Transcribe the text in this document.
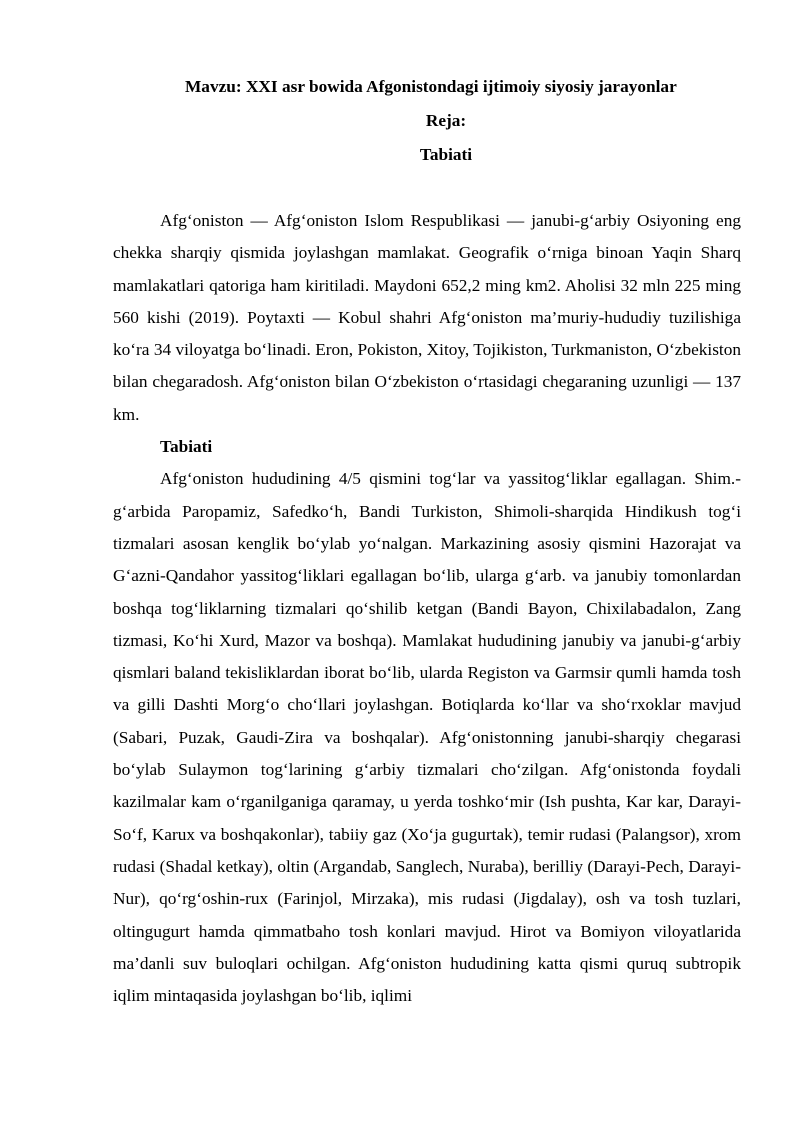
Mavzu: XXI asr bowida Afgonistondagi ijtimoiy siyosiy jarayonlar
Reja:
Tabiati

Afg‘oniston — Afg‘oniston Islom Respublikasi — janubi-g‘arbiy Osiyoning eng chekka sharqiy qismida joylashgan mamlakat. Geografik o‘rniga binoan Yaqin Sharq mamlakatlari qatoriga ham kiritiladi. Maydoni 652,2 ming km2. Aholisi 32 mln 225 ming 560 kishi (2019). Poytaxti — Kobul shahri Afg‘oniston ma’muriy-hududiy tuzilishiga ko‘ra 34 viloyatga bo‘linadi. Eron, Pokiston, Xitoy, Tojikiston, Turkmaniston, O‘zbekiston bilan chegaradosh. Afg‘oniston bilan O‘zbekiston o‘rtasidagi chegaraning uzunligi — 137 km.

Tabiati

Afg‘oniston hududining 4/5 qismini tog‘lar va yassitog‘liklar egallagan. Shim.-g‘arbida Paropamiz, Safedko‘h, Bandi Turkiston, Shimoli-sharqida Hindikush tog‘i tizmalari asosan kenglik bo‘ylab yo‘nalgan. Markazining asosiy qismini Hazorajat va G‘azni-Qandahor yassitog‘liklari egallagan bo‘lib, ularga g‘arb. va janubiy tomonlardan boshqa tog‘liklarning tizmalari qo‘shilib ketgan (Bandi Bayon, Chixilabadalon, Zang tizmasi, Ko‘hi Xurd, Mazor va boshqa). Mamlakat hududining janubiy va janubi-g‘arbiy qismlari baland tekisliklardan iborat bo‘lib, ularda Registon va Garmsir qumli hamda tosh va gilli Dashti Morg‘o cho‘llari joylashgan. Botiqlarda ko‘llar va sho‘rxoklar mavjud (Sabari, Puzak, Gaudi-Zira va boshqalar). Afg‘onistonning janubi-sharqiy chegarasi bo‘ylab Sulaymon tog‘larining g‘arbiy tizmalari cho‘zilgan. Afg‘onistonda foydali kazilmalar kam o‘rganilganiga qaramay, u yerda toshko‘mir (Ish pushta, Kar kar, Darayi-So‘f, Karux va boshqakonlar), tabiiy gaz (Xo‘ja gugurtak), temir rudasi (Palangsor), xrom rudasi (Shadal ketkay), oltin (Argandab, Sanglech, Nuraba), berilliy (Darayi-Pech, Darayi-Nur), qo‘rg‘oshin-rux (Farinjol, Mirzaka), mis rudasi (Jigdalay), osh va tosh tuzlari, oltingugurt hamda qimmatbaho tosh konlari mavjud. Hirot va Bomiyon viloyatlarida ma’danli suv buloqlari ochilgan. Afg‘oniston hududining katta qismi quruq subtropik iqlim mintaqasida joylashgan bo‘lib, iqlimi
